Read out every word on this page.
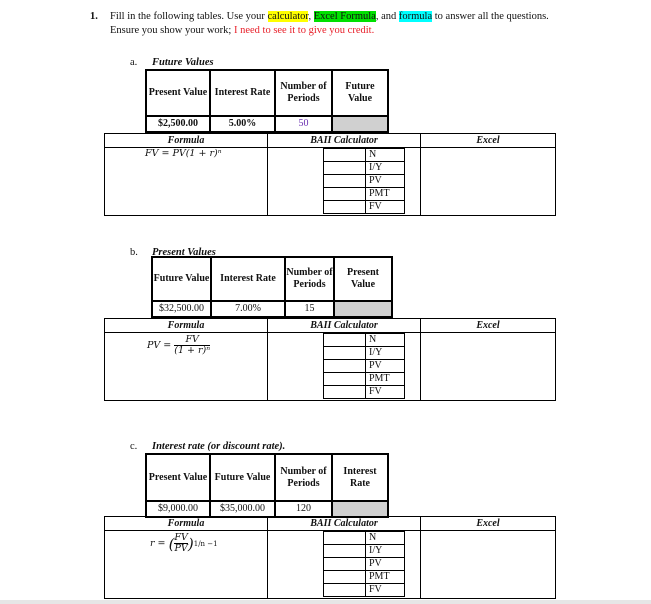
1. Fill in the following tables. Use your calculator, Excel Formula, and formula to answer all the questions.
Ensure you show your work; I need to see it to give you credit.
a. Future Values
Present Value	Interest Rate	Number of Periods	Future Value
$2,500.00	5.00%	50	
Formula	BAII Calculator	Excel

FV = PV(1 + r)ⁿ

		N
	I/Y
	PV
	PMT
	FV

b. Present Values
Future Value	Interest Rate	Number of Periods	Present Value
$32,500.00	7.00%	15	
Formula	BAII Calculator	Excel

PV =
$\frac{FV}{\text{(1 + r)ⁿ}}$

		N
	I/Y
	PV
	PMT
	FV

c. Interest rate (or discount rate).
Present Value	Future Value	Number of Periods	Interest Rate
$9,000.00	$35,000.00	120	
Formula	BAII Calculator	Excel

r =
( $\frac{FV}{PV}$ ) 1/n −1

	N
	I/Y
	PV
	PMT
	FV
